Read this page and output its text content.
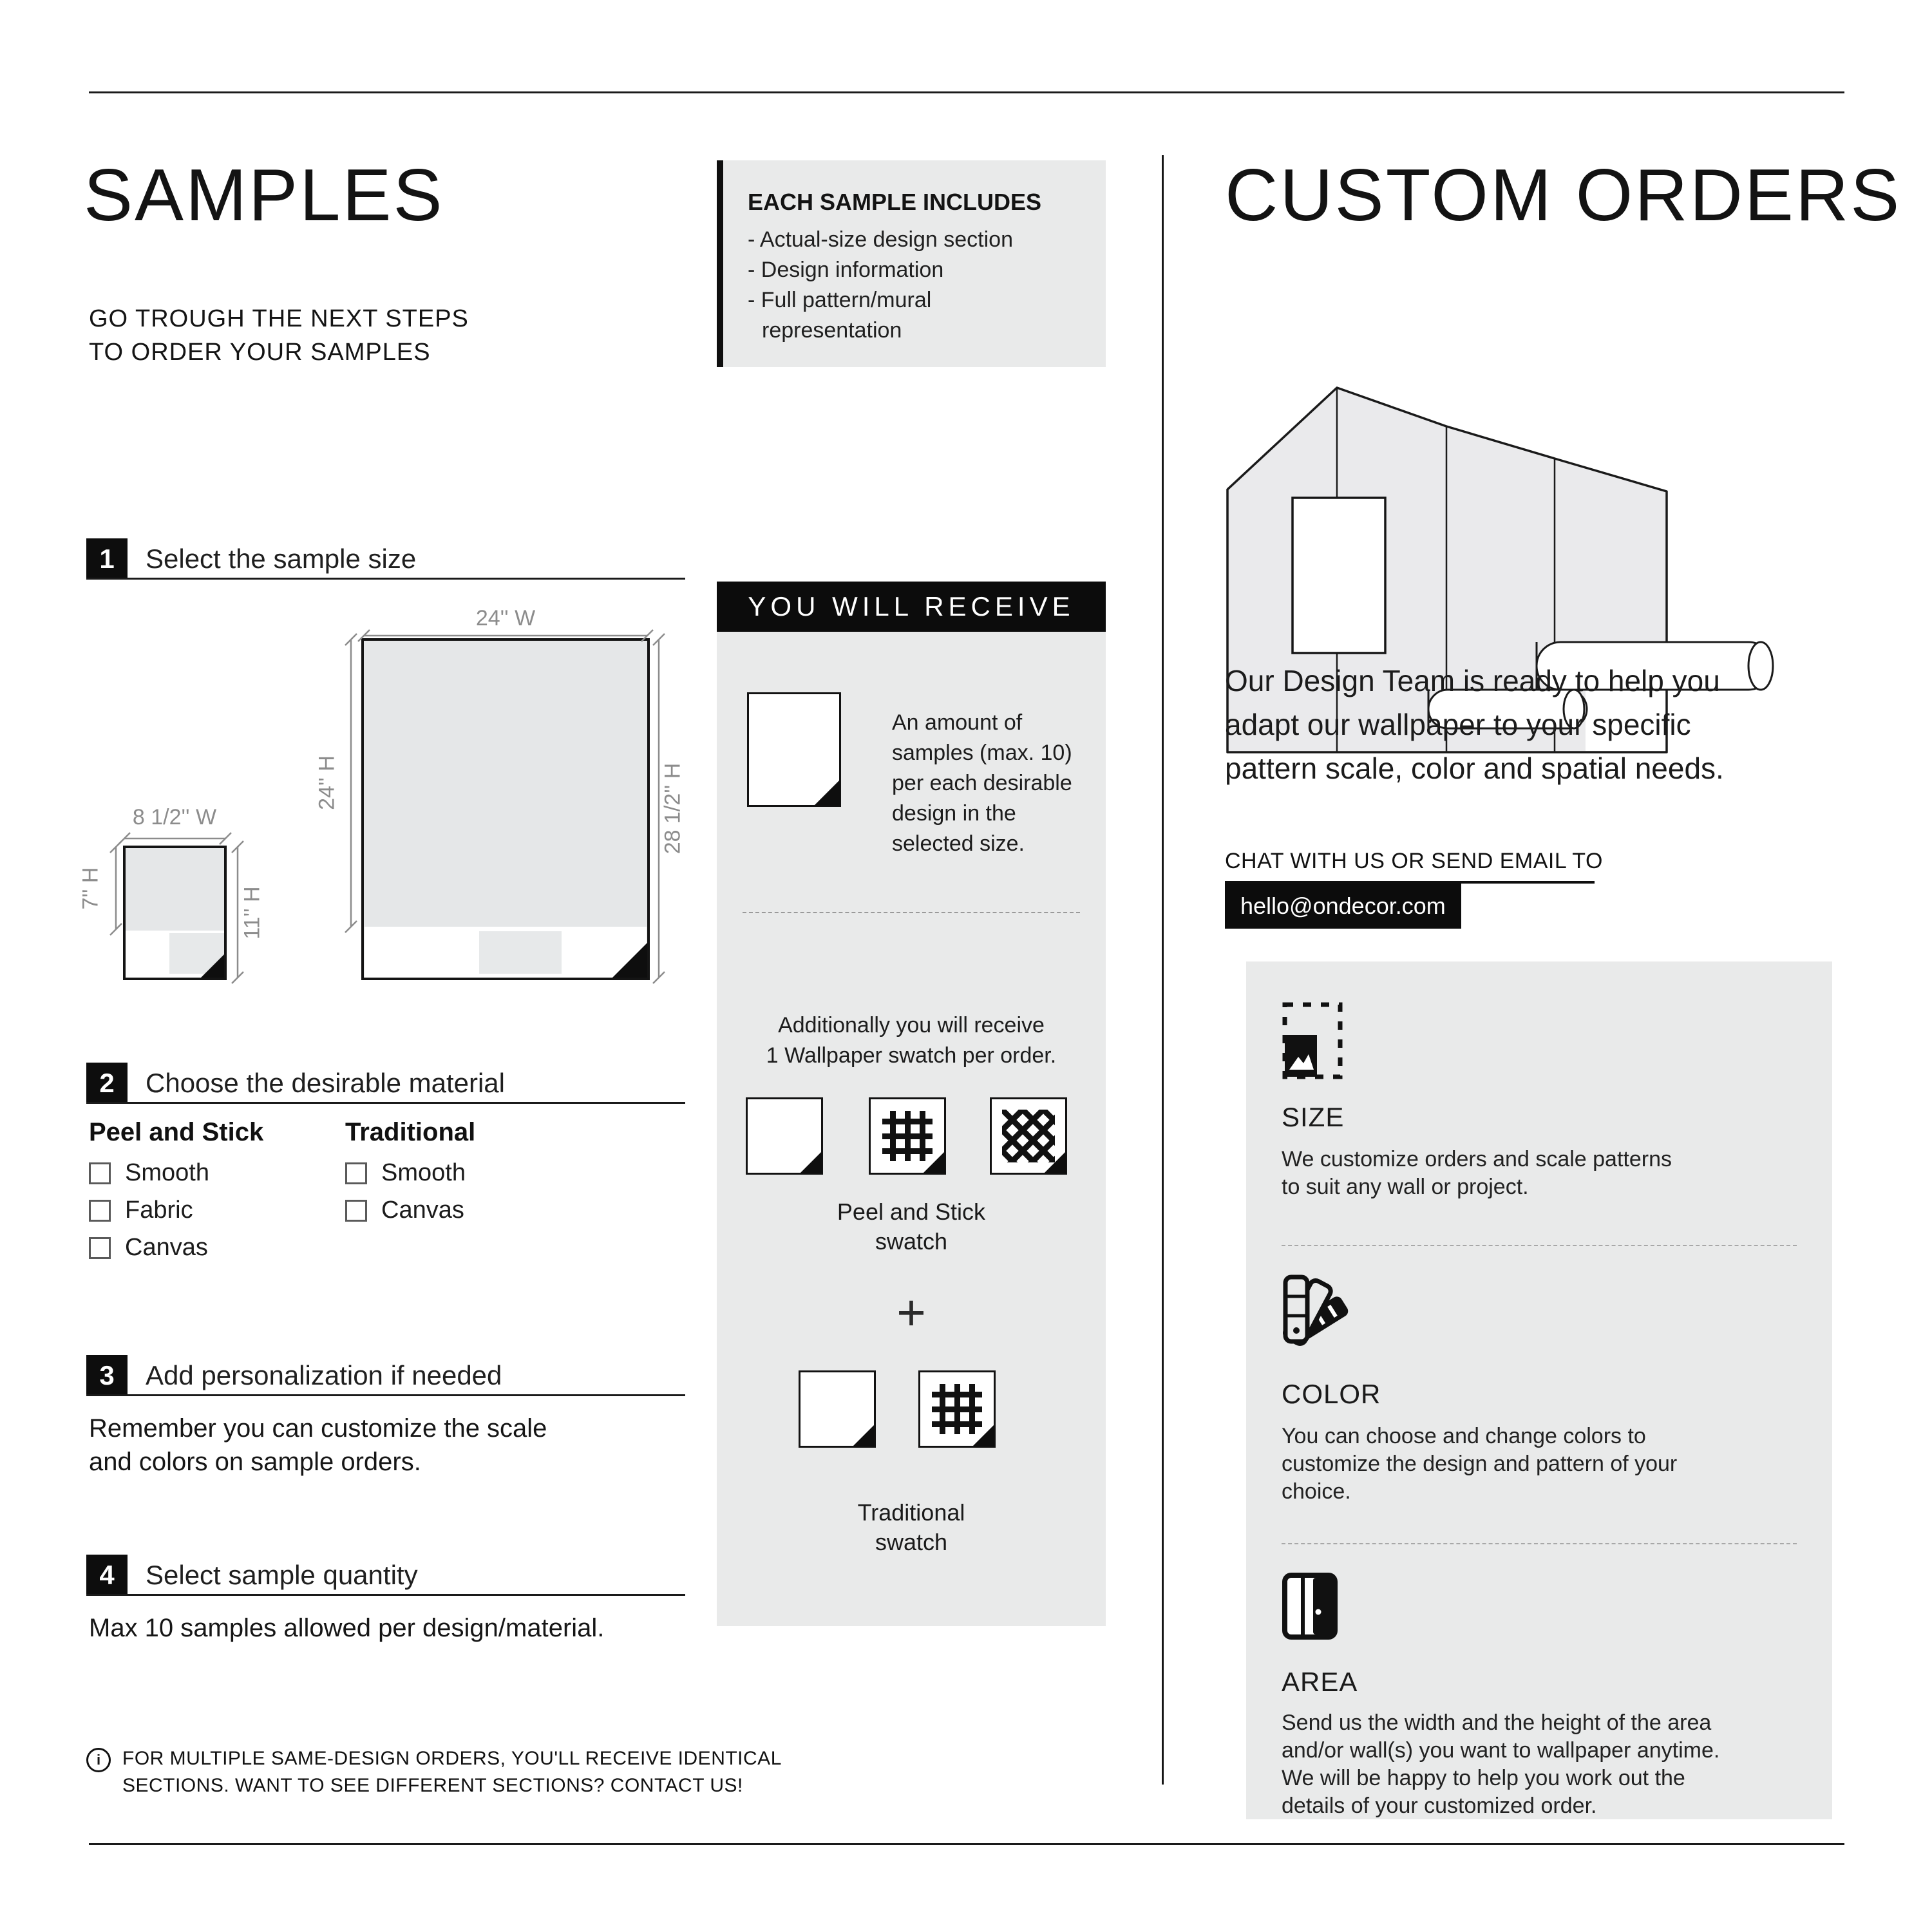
SAMPLES
GO TROUGH THE NEXT STEPS
TO ORDER YOUR SAMPLES
1	Select the sample size
24'' W
24'' H	28 1/2'' H
8 1/2'' W
7'' H	11'' H
2	Choose the desirable material
Peel and Stick	Traditional
Smooth
Fabric
Canvas
Smooth
Canvas
3	Add personalization if needed
Remember you can customize the scale
and colors on sample orders.
4	Select sample quantity
Max 10 samples allowed per design/material.
i	FOR MULTIPLE SAME-DESIGN ORDERS, YOU'LL RECEIVE IDENTICAL
SECTIONS. WANT TO SEE DIFFERENT SECTIONS? CONTACT US!
EACH SAMPLE INCLUDES
- Actual-size design section
- Design information
- Full pattern/mural representation
YOU WILL RECEIVE
An amount of
samples (max. 10)
per each desirable
design in the
selected size.
Additionally you will receive
1 Wallpaper swatch per order.
Peel and Stick
swatch
+
Traditional
swatch
CUSTOM ORDERS
Our Design Team is ready to help you
adapt our wallpaper to your specific
pattern scale, color and spatial needs.
CHAT WITH US OR SEND EMAIL TO
hello@ondecor.com
SIZE
We customize orders and scale patterns
to suit any wall or project.
COLOR
You can choose and change colors to
customize the design and pattern of your
choice.
AREA
Send us the width and the height of the area
and/or wall(s) you want to wallpaper anytime.
We will be happy to help you work out the
details of your customized order.
